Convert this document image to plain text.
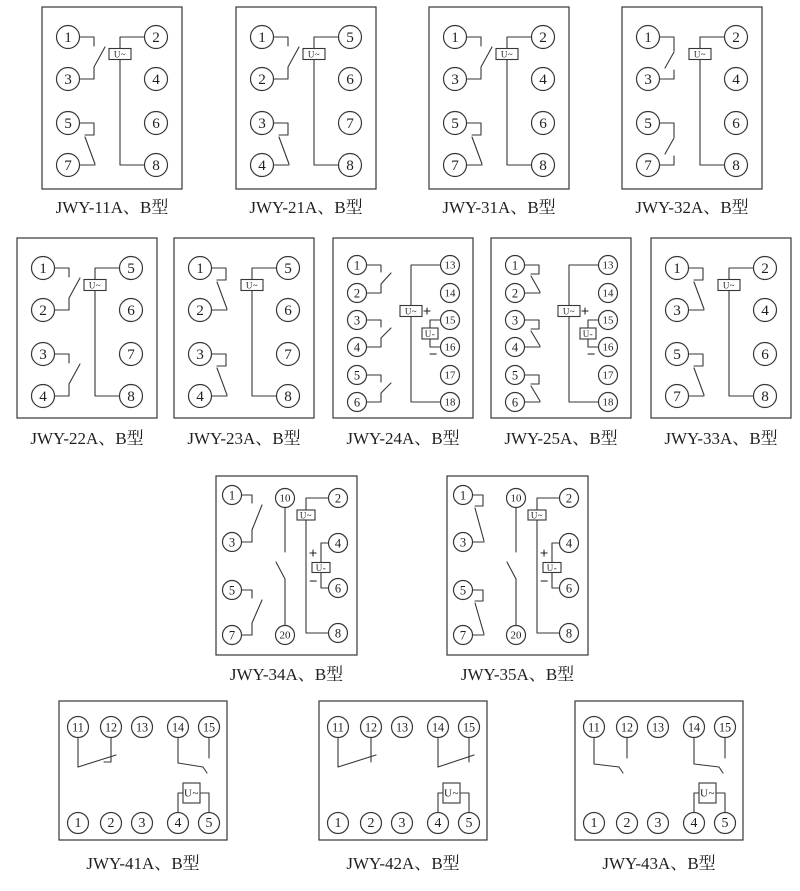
U~
1
3
5
7
2
4
6
8
JWY-11A、B型
U~
1
2
3
4
5
6
7
8
JWY-21A、B型
U~
1
3
5
7
2
4
6
8
JWY-31A、B型
U~
1
3
5
7
2
4
6
8
JWY-32A、B型
U~
1
2
3
4
5
6
7
8
JWY-22A、B型
U~
1
2
3
4
5
6
7
8
JWY-23A、B型
U~
U-
+
−
1
2
3
4
5
6
13
14
15
16
17
18
JWY-24A、B型
U~
U-
+
−
1
2
3
4
5
6
13
14
15
16
17
18
JWY-25A、B型
U~
1
3
5
7
2
4
6
8
JWY-33A、B型
U~
U-
+
−
1
3
5
7
10
20
2
4
6
8
JWY-34A、B型
U~
U-
+
−
1
3
5
7
10
20
2
4
6
8
JWY-35A、B型
U~
11 12 13 14 15
1 2 3 4 5
JWY-41A、B型
U~
11 12 13 14 15
1 2 3 4 5
JWY-42A、B型
U~
11 12 13 14 15
1 2 3 4 5
JWY-43A、B型
